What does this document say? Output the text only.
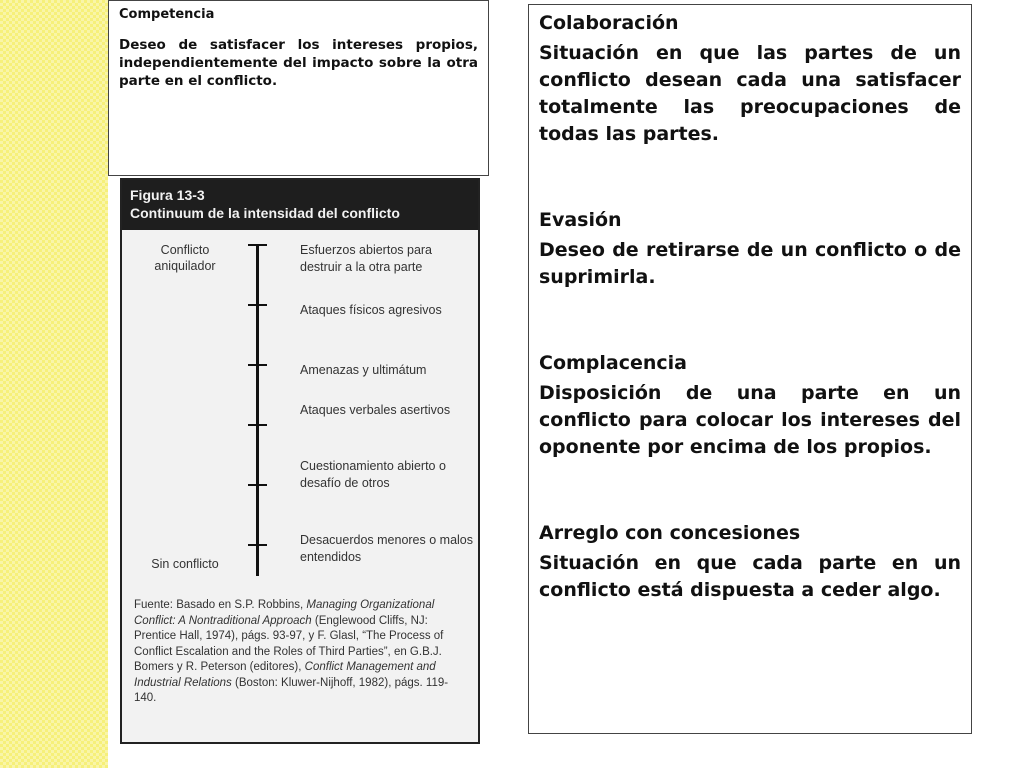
Competencia

Deseo de satisfacer los intereses propios, independientemente del impacto sobre la otra parte en el conflicto.

Figura 13-3
Continuum de la intensidad del conflicto
Conflicto aniquilador
Sin conflicto
Esfuerzos abiertos para destruir a la otra parte
Ataques físicos agresivos
Amenazas y ultimátum
Ataques verbales asertivos
Cuestionamiento abierto o desafío de otros
Desacuerdos menores o malos entendidos
Fuente: Basado en S.P. Robbins, Managing Organizational Conflict: A Nontraditional Approach (Englewood Cliffs, NJ: Prentice Hall, 1974), págs. 93-97, y F. Glasl, “The Process of Conflict Escalation and the Roles of Third Parties”, en G.B.J. Bomers y R. Peterson (editores), Conflict Management and Industrial Relations (Boston: Kluwer-Nijhoff, 1982), págs. 119-140.

Colaboración

Situación en que las partes de un conflicto desean cada una satisfacer totalmente las preocupaciones de todas las partes.

Evasión

Deseo de retirarse de un conflicto o de suprimirla.

Complacencia

Disposición de una parte en un conflicto para colocar los intereses del oponente por encima de los propios.

Arreglo con concesiones

Situación en que cada parte en un conflicto está dispuesta a ceder algo.
